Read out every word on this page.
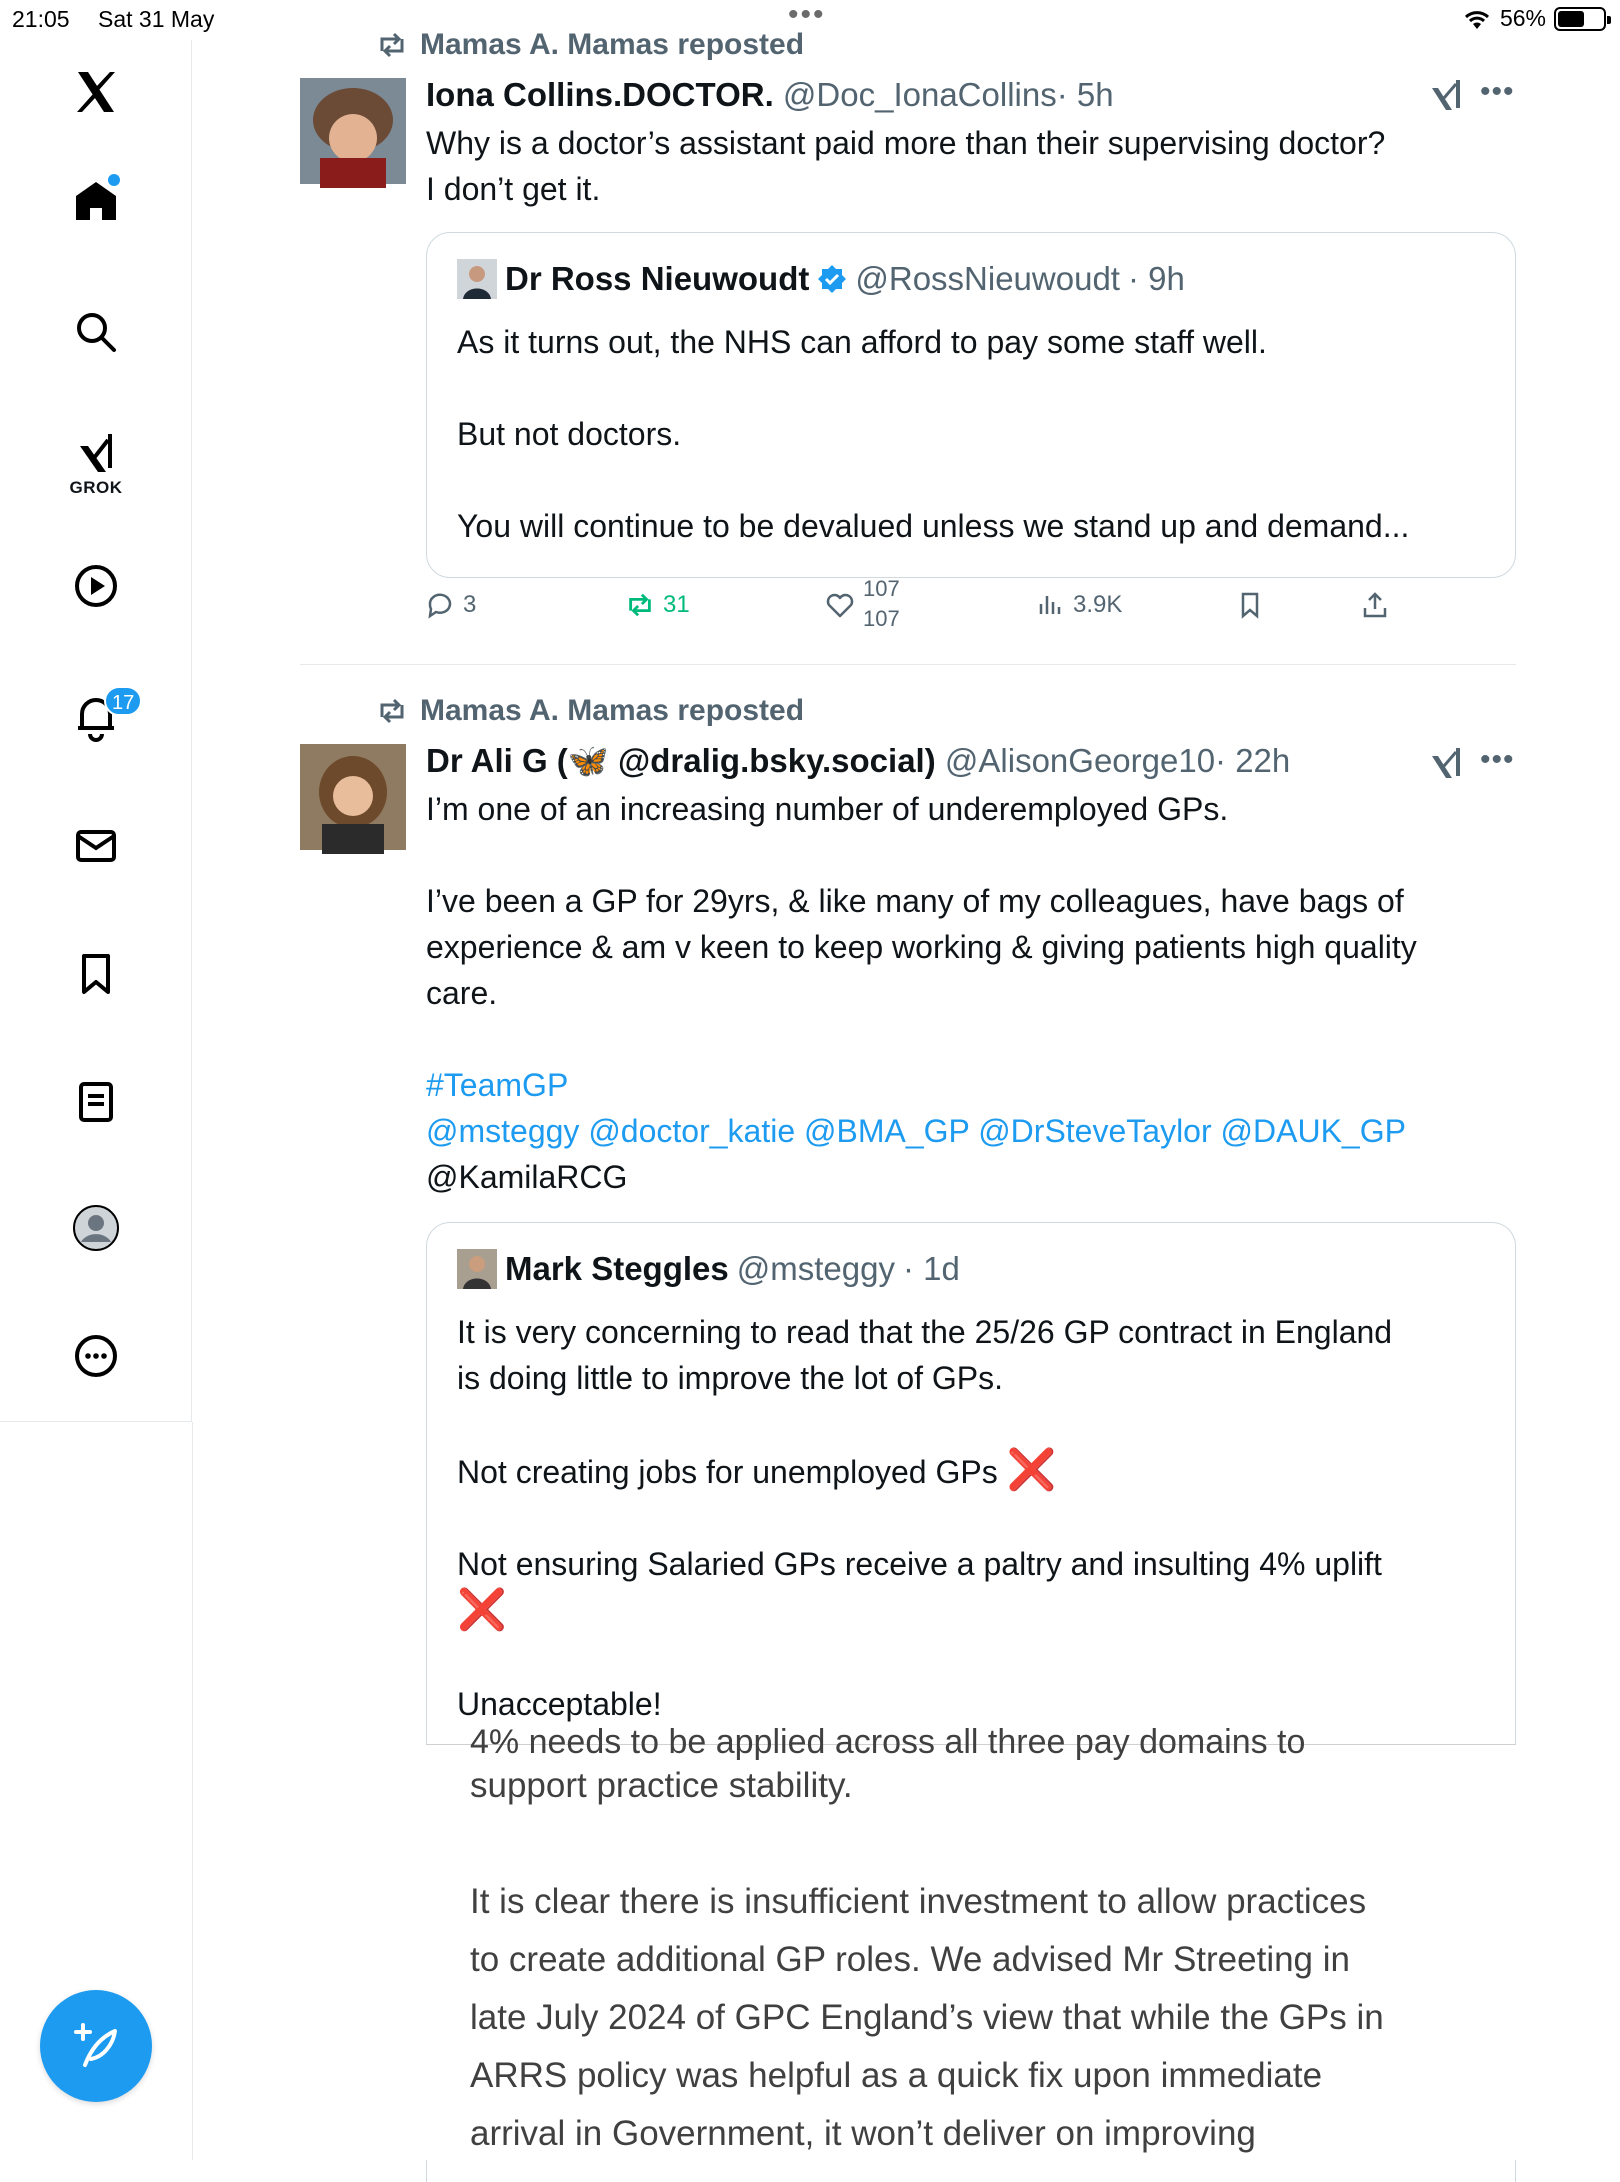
21:05 Sat 31 May	•••	56%
GROK
17
Mamas A. Mamas reposted
Iona Collins.DOCTOR. @Doc_IonaCollins· 5h	•••

Why is a doctor’s assistant paid more than their supervising doctor?

I don’t get it.

Dr Ross Nieuwoudt @RossNieuwoudt · 9h

As it turns out, the NHS can afford to pay some staff well.

But not doctors.

You will continue to be devalued unless we stand up and demand...

3	31
107
107
3.9K
Mamas A. Mamas reposted
Dr Ali G (🦋 @dralig.bsky.social) @AlisonGeorge10· 22h	•••

I’m one of an increasing number of underemployed GPs.

I’ve been a GP for 29yrs, & like many of my colleagues, have bags of

experience & am v keen to keep working & giving patients high quality

care.

#TeamGP

@msteggy @doctor_katie @BMA_GP @DrSteveTaylor @DAUK_GP

@KamilaRCG

Mark Steggles @msteggy · 1d

It is very concerning to read that the 25/26 GP contract in England

is doing little to improve the lot of GPs.

Not creating jobs for unemployed GPs ❌

Not ensuring Salaried GPs receive a paltry and insulting 4% uplift

❌

Unacceptable!

4% needs to be applied across all three pay domains to
support practice stability.
It is clear there is insufficient investment to allow practices
to create additional GP roles. We advised Mr Streeting in
late July 2024 of GPC England’s view that while the GPs in
ARRS policy was helpful as a quick fix upon immediate
arrival in Government, it won’t deliver on improving
